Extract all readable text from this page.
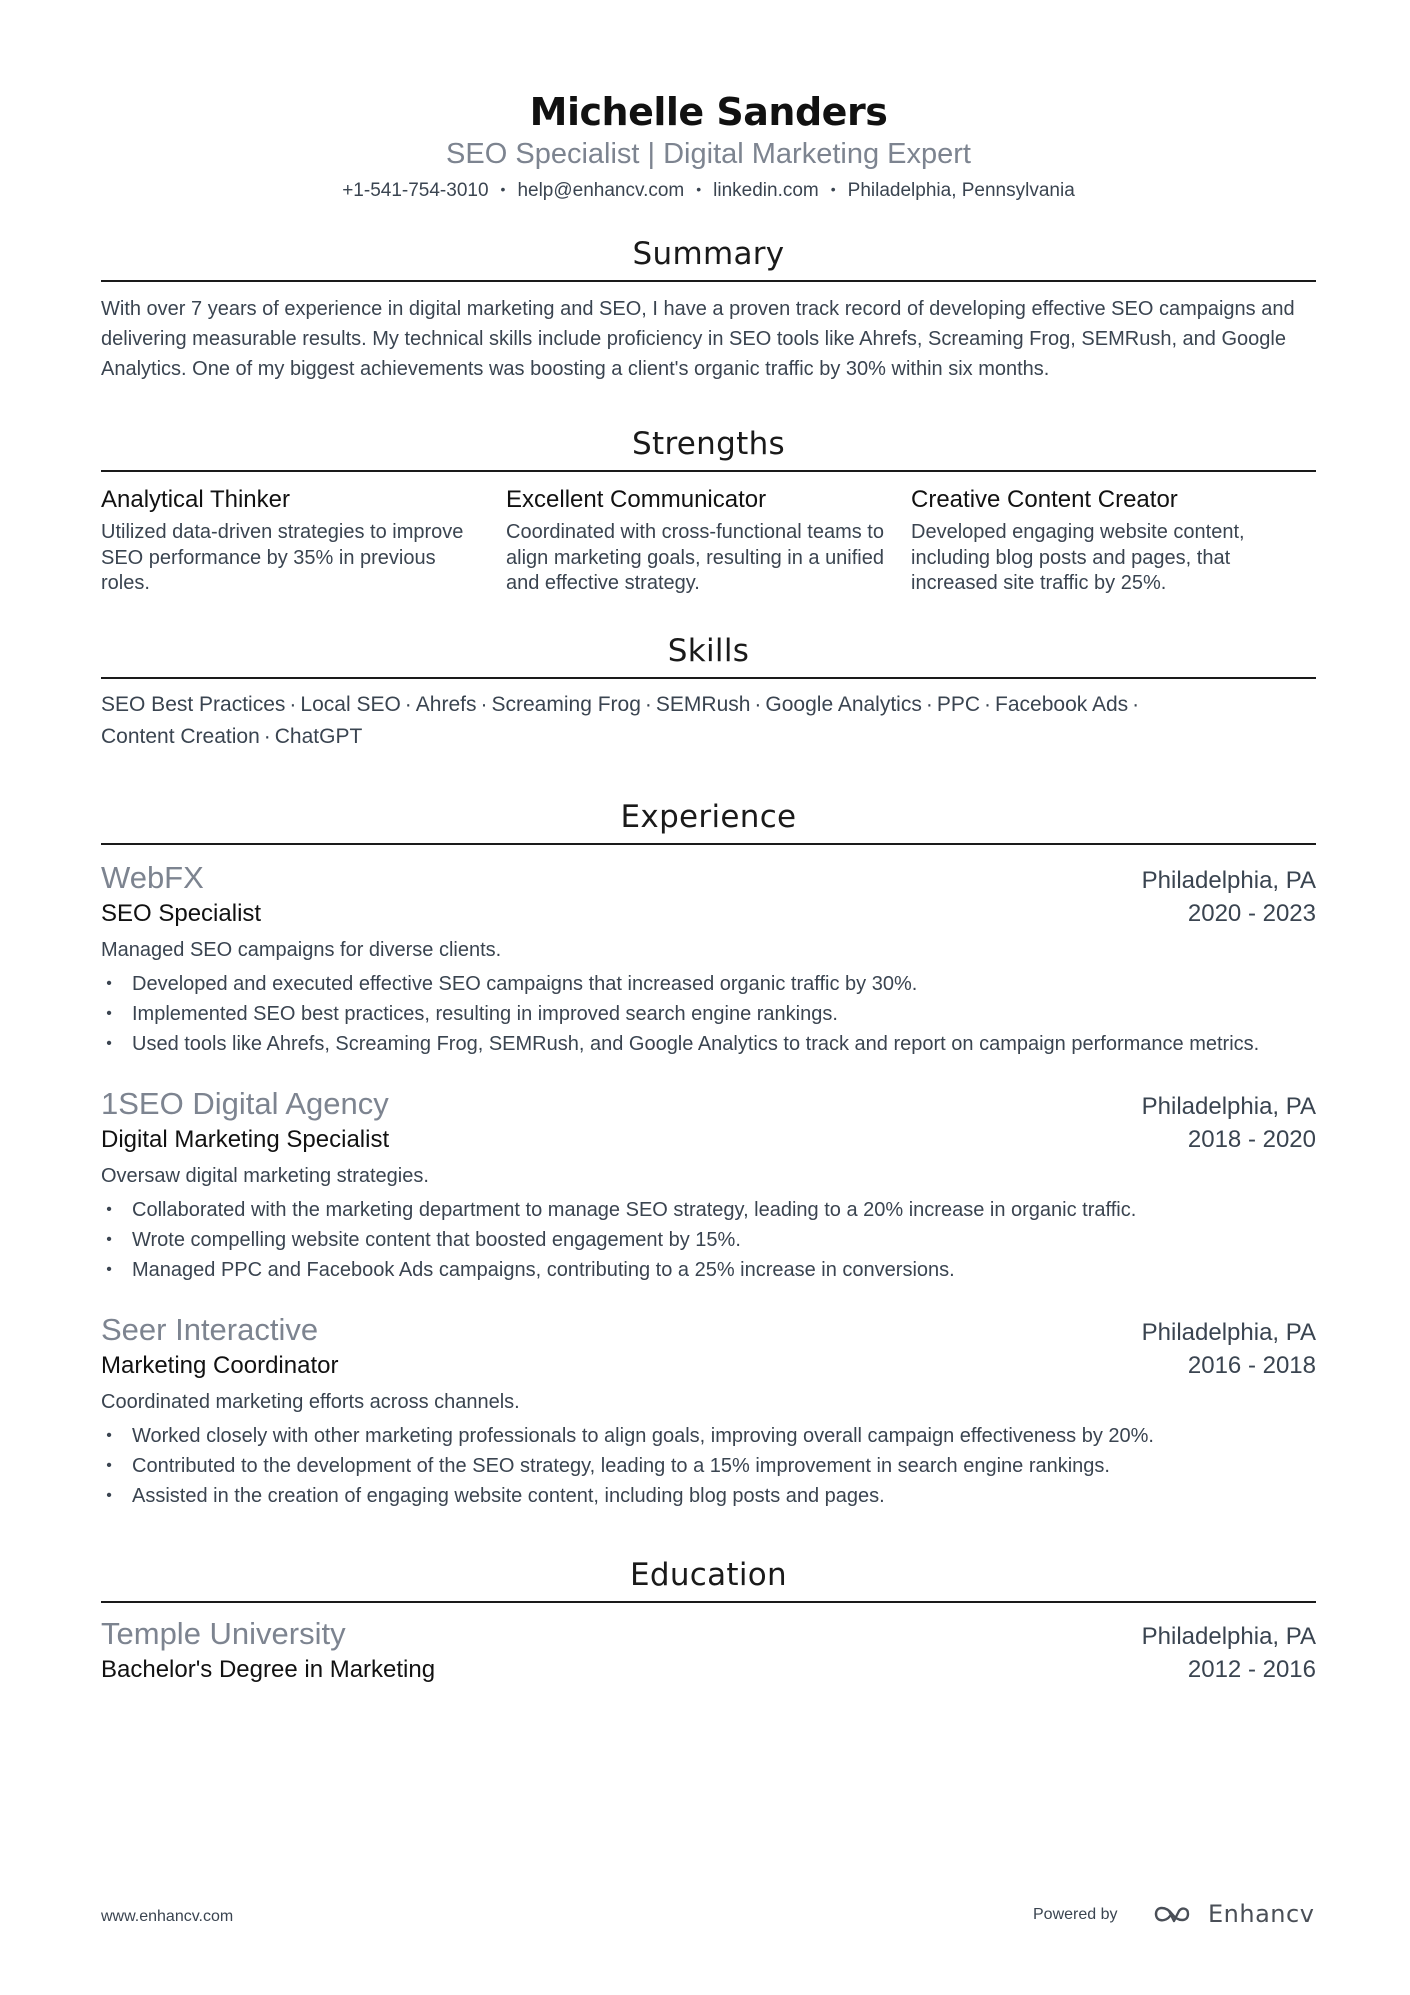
Michelle Sanders
SEO Specialist | Digital Marketing Expert
+1-541-754-3010 • help@enhancv.com • linkedin.com • Philadelphia, Pennsylvania
Summary
With over 7 years of experience in digital marketing and SEO, I have a proven track record of developing effective SEO campaigns and delivering measurable results. My technical skills include proficiency in SEO tools like Ahrefs, Screaming Frog, SEMRush, and Google Analytics. One of my biggest achievements was boosting a client's organic traffic by 30% within six months.
Strengths
Analytical Thinker
Utilized data-driven strategies to improve SEO performance by 35% in previous roles.
Excellent Communicator
Coordinated with cross-functional teams to align marketing goals, resulting in a unified and effective strategy.
Creative Content Creator
Developed engaging website content, including blog posts and pages, that increased site traffic by 25%.
Skills
SEO Best Practices · Local SEO · Ahrefs · Screaming Frog · SEMRush · Google Analytics · PPC · Facebook Ads ·
Content Creation · ChatGPT
Experience
WebFX	Philadelphia, PA
SEO Specialist	2020 - 2023
Managed SEO campaigns for diverse clients.
• Developed and executed effective SEO campaigns that increased organic traffic by 30%.
• Implemented SEO best practices, resulting in improved search engine rankings.
• Used tools like Ahrefs, Screaming Frog, SEMRush, and Google Analytics to track and report on campaign performance metrics.
1SEO Digital Agency	Philadelphia, PA
Digital Marketing Specialist	2018 - 2020
Oversaw digital marketing strategies.
• Collaborated with the marketing department to manage SEO strategy, leading to a 20% increase in organic traffic.
• Wrote compelling website content that boosted engagement by 15%.
• Managed PPC and Facebook Ads campaigns, contributing to a 25% increase in conversions.
Seer Interactive	Philadelphia, PA
Marketing Coordinator	2016 - 2018
Coordinated marketing efforts across channels.
• Worked closely with other marketing professionals to align goals, improving overall campaign effectiveness by 20%.
• Contributed to the development of the SEO strategy, leading to a 15% improvement in search engine rankings.
• Assisted in the creation of engaging website content, including blog posts and pages.
Education
Temple University	Philadelphia, PA
Bachelor's Degree in Marketing	2012 - 2016
www.enhancv.com	Powered by	Enhancv
